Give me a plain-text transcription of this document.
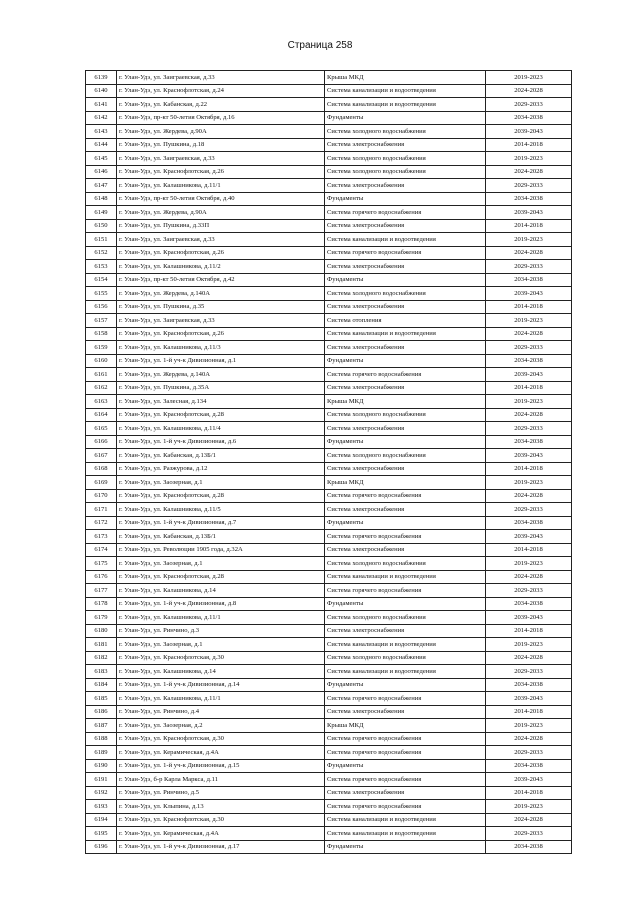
Страница 258
6139	г. Улан-Удэ, ул. Заиграевская, д.33	Крыша МКД	2019-2023
6140	г. Улан-Удэ, ул. Краснофлотская, д.24	Система канализации и водоотведения	2024-2028
6141	г. Улан-Удэ, ул. Кабанская, д.22	Система канализации и водоотведения	2029-2033
6142	г. Улан-Удэ, пр-кт 50-летия Октября, д.16	Фундаменты	2034-2038
6143	г. Улан-Удэ, ул. Жердева, д.90А	Система холодного водоснабжения	2039-2043
6144	г. Улан-Удэ, ул. Пушкина, д.18	Система электроснабжения	2014-2018
6145	г. Улан-Удэ, ул. Заиграевская, д.33	Система холодного водоснабжения	2019-2023
6146	г. Улан-Удэ, ул. Краснофлотская, д.26	Система холодного водоснабжения	2024-2028
6147	г. Улан-Удэ, ул. Калашникова, д.11/1	Система электроснабжения	2029-2033
6148	г. Улан-Удэ, пр-кт 50-летия Октября, д.40	Фундаменты	2034-2038
6149	г. Улан-Удэ, ул. Жердева, д.90А	Система горячего водоснабжения	2039-2043
6150	г. Улан-Удэ, ул. Пушкина, д.33П	Система электроснабжения	2014-2018
6151	г. Улан-Удэ, ул. Заиграевская, д.33	Система канализации и водоотведения	2019-2023
6152	г. Улан-Удэ, ул. Краснофлотская, д.26	Система горячего водоснабжения	2024-2028
6153	г. Улан-Удэ, ул. Калашникова, д.11/2	Система электроснабжения	2029-2033
6154	г. Улан-Удэ, пр-кт 50-летия Октября, д.42	Фундаменты	2034-2038
6155	г. Улан-Удэ, ул. Жердева, д.140А	Система холодного водоснабжения	2039-2043
6156	г. Улан-Удэ, ул. Пушкина, д.35	Система электроснабжения	2014-2018
6157	г. Улан-Удэ, ул. Заиграевская, д.33	Система отопления	2019-2023
6158	г. Улан-Удэ, ул. Краснофлотская, д.26	Система канализации и водоотведения	2024-2028
6159	г. Улан-Удэ, ул. Калашникова, д.11/3	Система электроснабжения	2029-2033
6160	г. Улан-Удэ, ул. 1-й уч-к Дивизионная, д.1	Фундаменты	2034-2038
6161	г. Улан-Удэ, ул. Жердева, д.140А	Система горячего водоснабжения	2039-2043
6162	г. Улан-Удэ, ул. Пушкина, д.35А	Система электроснабжения	2014-2018
6163	г. Улан-Удэ, ул. Залесная, д.134	Крыша МКД	2019-2023
6164	г. Улан-Удэ, ул. Краснофлотская, д.28	Система холодного водоснабжения	2024-2028
6165	г. Улан-Удэ, ул. Калашникова, д.11/4	Система электроснабжения	2029-2033
6166	г. Улан-Удэ, ул. 1-й уч-к Дивизионная, д.6	Фундаменты	2034-2038
6167	г. Улан-Удэ, ул. Кабанская, д.13Б/1	Система холодного водоснабжения	2039-2043
6168	г. Улан-Удэ, ул. Разжурова, д.12	Система электроснабжения	2014-2018
6169	г. Улан-Удэ, ул. Заозерная, д.1	Крыша МКД	2019-2023
6170	г. Улан-Удэ, ул. Краснофлотская, д.28	Система горячего водоснабжения	2024-2028
6171	г. Улан-Удэ, ул. Калашникова, д.11/5	Система электроснабжения	2029-2033
6172	г. Улан-Удэ, ул. 1-й уч-к Дивизионная, д.7	Фундаменты	2034-2038
6173	г. Улан-Удэ, ул. Кабанская, д.13Б/1	Система горячего водоснабжения	2039-2043
6174	г. Улан-Удэ, ул. Революции 1905 года, д.32А	Система электроснабжения	2014-2018
6175	г. Улан-Удэ, ул. Заозерная, д.1	Система холодного водоснабжения	2019-2023
6176	г. Улан-Удэ, ул. Краснофлотская, д.28	Система канализации и водоотведения	2024-2028
6177	г. Улан-Удэ, ул. Калашникова, д.14	Система горячего водоснабжения	2029-2033
6178	г. Улан-Удэ, ул. 1-й уч-к Дивизионная, д.8	Фундаменты	2034-2038
6179	г. Улан-Удэ, ул. Калашникова, д.11/1	Система холодного водоснабжения	2039-2043
6180	г. Улан-Удэ, ул. Ринчино, д.3	Система электроснабжения	2014-2018
6181	г. Улан-Удэ, ул. Заозерная, д.1	Система канализации и водоотведения	2019-2023
6182	г. Улан-Удэ, ул. Краснофлотская, д.30	Система холодного водоснабжения	2024-2028
6183	г. Улан-Удэ, ул. Калашникова, д.14	Система канализации и водоотведения	2029-2033
6184	г. Улан-Удэ, ул. 1-й уч-к Дивизионная, д.14	Фундаменты	2034-2038
6185	г. Улан-Удэ, ул. Калашникова, д.11/1	Система горячего водоснабжения	2039-2043
6186	г. Улан-Удэ, ул. Ринчино, д.4	Система электроснабжения	2014-2018
6187	г. Улан-Удэ, ул. Заозерная, д.2	Крыша МКД	2019-2023
6188	г. Улан-Удэ, ул. Краснофлотская, д.30	Система горячего водоснабжения	2024-2028
6189	г. Улан-Удэ, ул. Керамическая, д.4А	Система горячего водоснабжения	2029-2033
6190	г. Улан-Удэ, ул. 1-й уч-к Дивизионная, д.15	Фундаменты	2034-2038
6191	г. Улан-Удэ, б-р Карла Маркса, д.11	Система горячего водоснабжения	2039-2043
6192	г. Улан-Удэ, ул. Ринчино, д.5	Система электроснабжения	2014-2018
6193	г. Улан-Удэ, ул. Клыпина, д.13	Система горячего водоснабжения	2019-2023
6194	г. Улан-Удэ, ул. Краснофлотская, д.30	Система канализации и водоотведения	2024-2028
6195	г. Улан-Удэ, ул. Керамическая, д.4А	Система канализации и водоотведения	2029-2033
6196	г. Улан-Удэ, ул. 1-й уч-к Дивизионная, д.17	Фундаменты	2034-2038
